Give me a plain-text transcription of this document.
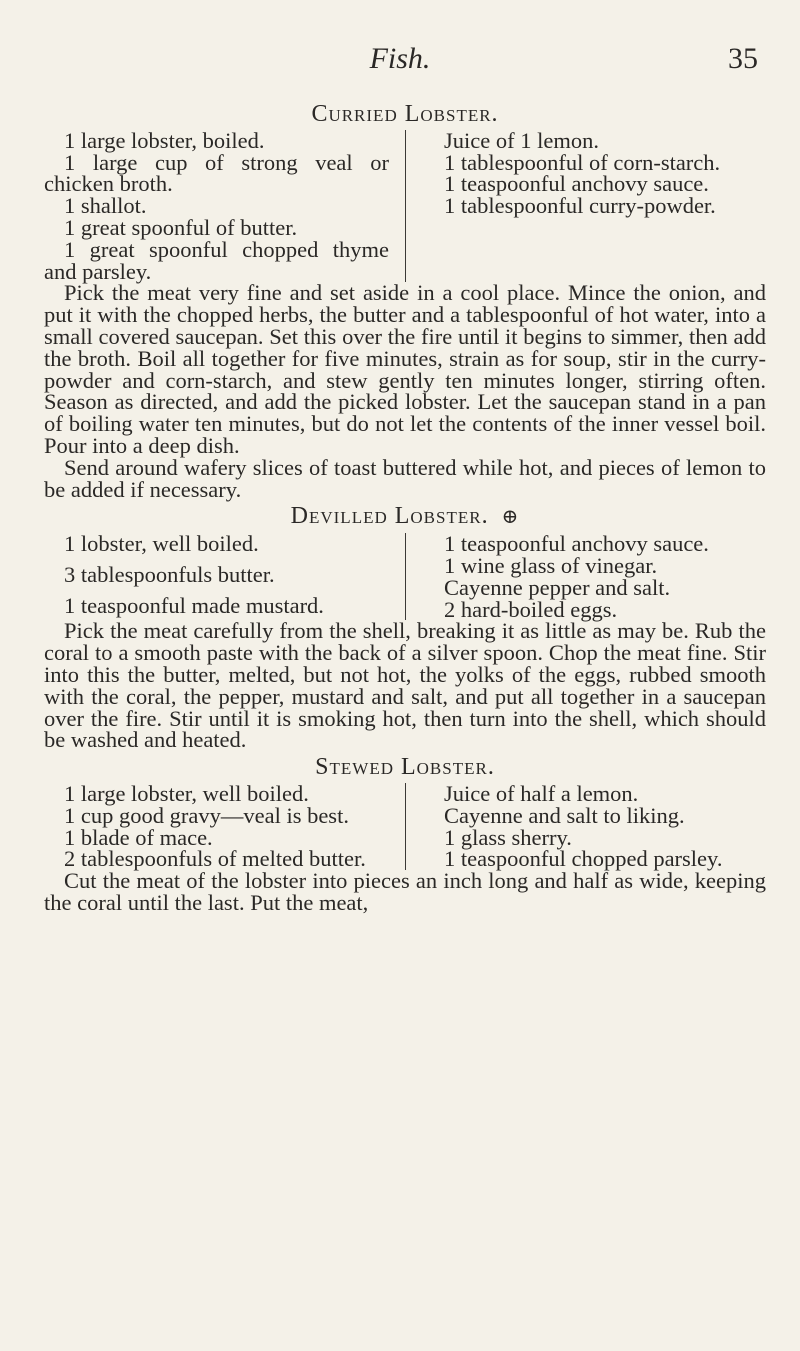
Fish.	35
Curried Lobster.

1 large lobster, boiled.

1 large cup of strong veal or chicken broth.

1 shallot.

1 great spoonful of butter.

1 great spoonful chopped thyme and parsley.

Juice of 1 lemon.

1 tablespoonful of corn-starch.

1 teaspoonful anchovy sauce.

1 tablespoonful curry-powder.

Pick the meat very fine and set aside in a cool place. Mince the onion, and put it with the chopped herbs, the butter and a tablespoonful of hot water, into a small covered saucepan. Set this over the fire until it begins to simmer, then add the broth. Boil all together for five minutes, strain as for soup, stir in the curry-powder and corn-starch, and stew gently ten minutes longer, stirring often. Season as directed, and add the picked lobster. Let the saucepan stand in a pan of boiling water ten minutes, but do not let the contents of the inner vessel boil. Pour into a deep dish.

Send around wafery slices of toast buttered while hot, and pieces of lemon to be added if necessary.

Devilled Lobster. ⊕

1 lobster, well boiled.

3 tablespoonfuls butter.

1 teaspoonful made mustard.

1 teaspoonful anchovy sauce.

1 wine glass of vinegar.

Cayenne pepper and salt.

2 hard-boiled eggs.

Pick the meat carefully from the shell, breaking it as little as may be. Rub the coral to a smooth paste with the back of a silver spoon. Chop the meat fine. Stir into this the butter, melted, but not hot, the yolks of the eggs, rubbed smooth with the coral, the pepper, mustard and salt, and put all together in a saucepan over the fire. Stir until it is smoking hot, then turn into the shell, which should be washed and heated.

Stewed Lobster.

1 large lobster, well boiled.

1 cup good gravy—veal is best.

1 blade of mace.

2 tablespoonfuls of melted butter.

Juice of half a lemon.

Cayenne and salt to liking.

1 glass sherry.

1 teaspoonful chopped parsley.

Cut the meat of the lobster into pieces an inch long and half as wide, keeping the coral until the last. Put the meat,
